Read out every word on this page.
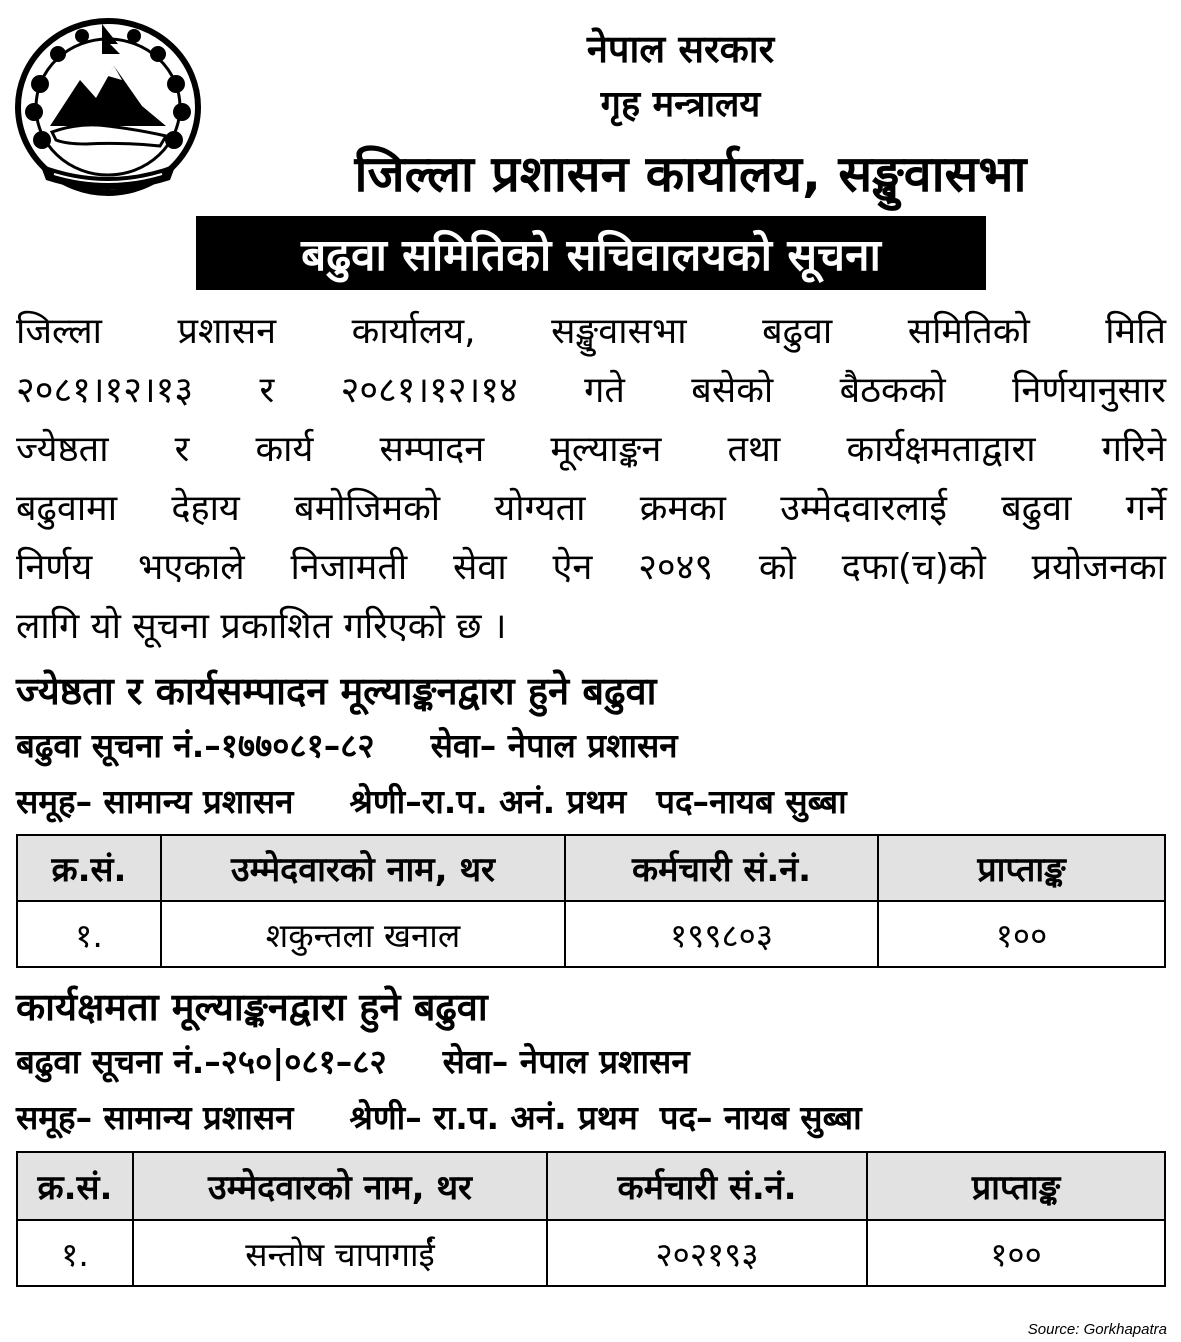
नेपाल सरकार
गृह मन्त्रालय
जिल्ला प्रशासन कार्यालय, सङ्खुवासभा
बढुवा समितिको सचिवालयको सूचना
जिल्ला प्रशासन कार्यालय, सङ्खुवासभा बढुवा समितिको मिति
२०८१।१२।१३ र २०८१।१२।१४ गते बसेको बैठकको निर्णयानुसार
ज्येष्ठता र कार्य सम्पादन मूल्याङ्कन तथा कार्यक्षमताद्वारा गरिने
बढुवामा देहाय बमोजिमको योग्यता क्रमका उम्मेदवारलाई बढुवा गर्ने
निर्णय भएकाले निजामती सेवा ऐन २०४९ को दफा(च)को प्रयोजनका
लागि यो सूचना प्रकाशित गरिएको छ ।
ज्येष्ठता र कार्यसम्पादन मूल्याङ्कनद्वारा हुने बढुवा
बढुवा सूचना नं.–१७७०८१–८२ सेवा– नेपाल प्रशासन
समूह– सामान्य प्रशासन श्रेणी–रा.प. अनं. प्रथम पद–नायब सुब्बा
क्र.सं.	उम्मेदवारको नाम, थर	कर्मचारी सं.नं.	प्राप्ताङ्क
१.	शकुन्तला खनाल	१९९८०३	१००
कार्यक्षमता मूल्याङ्कनद्वारा हुने बढुवा
बढुवा सूचना नं.–२५०|०८१–८२ सेवा– नेपाल प्रशासन
समूह– सामान्य प्रशासन श्रेणी– रा.प. अनं. प्रथम पद– नायब सुब्बा
क्र.सं.	उम्मेदवारको नाम, थर	कर्मचारी सं.नं.	प्राप्ताङ्क
१.	सन्तोष चापागाईं	२०२१९३	१००
Source: Gorkhapatra
